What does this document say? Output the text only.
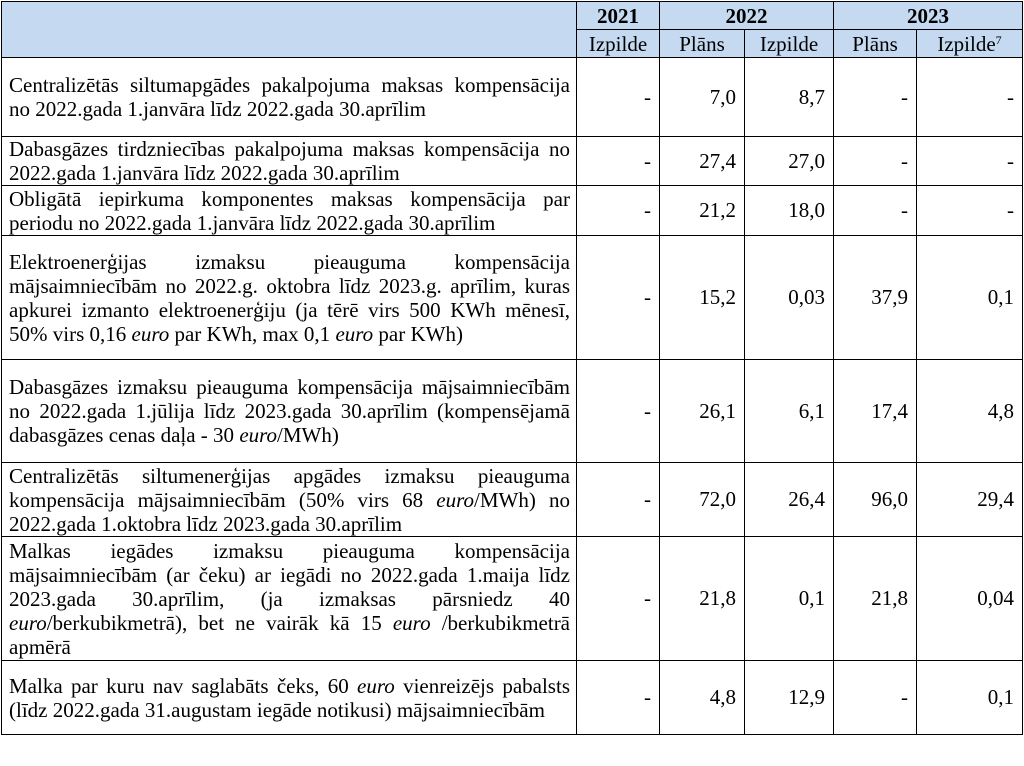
	2021	2022		2023	
	Izpilde	Plāns	Izpilde	Plāns	Izpilde$^7$
Centralizētās siltumapgādes pakalpojuma maksas kompensācija no 2022.gada 1.janvāra līdz 2022.gada 30.aprīlim	-	7,0	8,7	-	-
Dabasgāzes tirdzniecības pakalpojuma maksas kompensācija no 2022.gada 1.janvāra līdz 2022.gada 30.aprīlim	-	27,4	27,0	-	-
Obligātā iepirkuma komponentes maksas kompensācija par periodu no 2022.gada 1.janvāra līdz 2022.gada 30.aprīlim	-	21,2	18,0	-	-
Elektroenerģijas izmaksu pieauguma kompensācija mājsaimniecībām no 2022.g. oktobra līdz 2023.g. aprīlim, kuras apkurei izmanto elektroenerģiju (ja tērē virs 500 KWh mēnesī, 50% virs 0,16 euro par KWh, max 0,1 euro par KWh)	-	15,2	0,03	37,9	0,1
Dabasgāzes izmaksu pieauguma kompensācija mājsaimniecībām no 2022.gada 1.jūlija līdz 2023.gada 30.aprīlim (kompensējamā dabasgāzes cenas daļa - 30 euro/MWh)	-	26,1	6,1	17,4	4,8
Centralizētās siltumenerģijas apgādes izmaksu pieauguma kompensācija mājsaimniecībām (50% virs 68 euro/MWh) no 2022.gada 1.oktobra līdz 2023.gada 30.aprīlim	-	72,0	26,4	96,0	29,4
Malkas iegādes izmaksu pieauguma kompensācija mājsaimniecībām (ar čeku) ar iegādi no 2022.gada 1.maija līdz 2023.gada 30.aprīlim, (ja izmaksas pārsniedz 40 euro/berkubikmetrā), bet ne vairāk kā 15 euro /berkubikmetrā apmērā	-	21,8	0,1	21,8	0,04
Malka par kuru nav saglabāts čeks, 60 euro vienreizējs pabalsts (līdz 2022.gada 31.augustam iegāde notikusi) mājsaimniecībām	-	4,8	12,9	-	0,1
